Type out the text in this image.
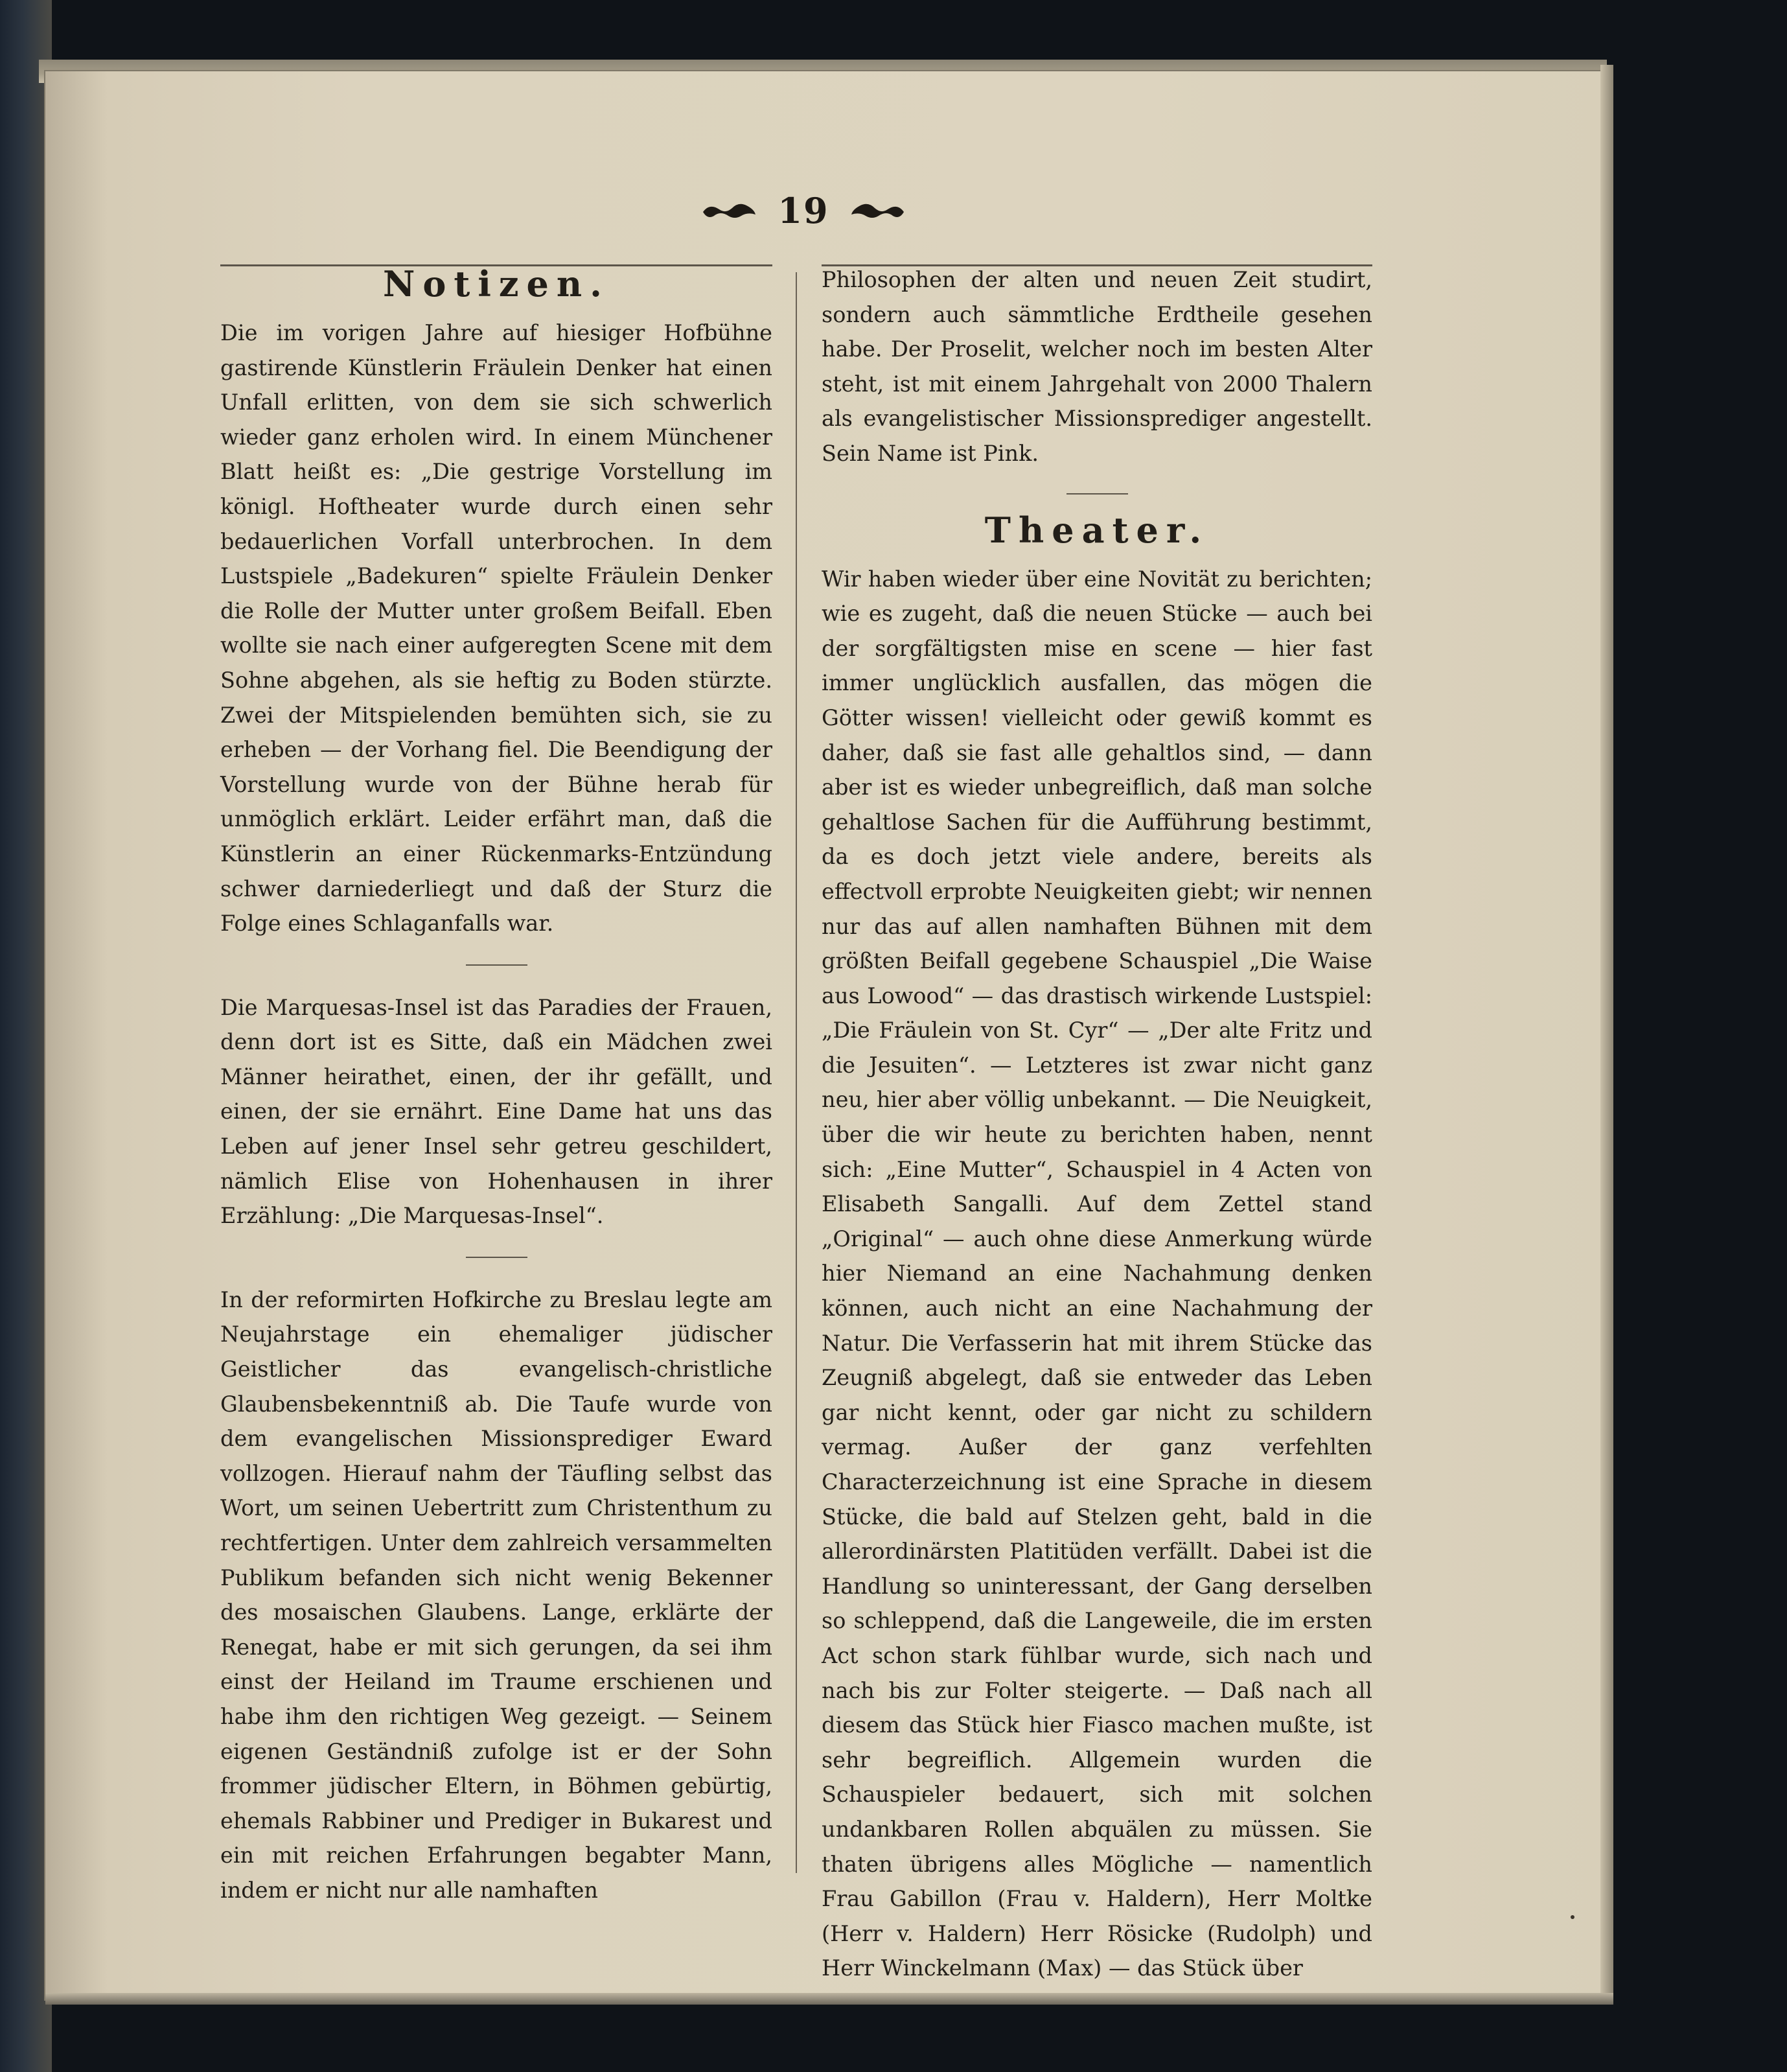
19
Notizen.

Die im vorigen Jahre auf hiesiger Hofbühne gastirende Künstlerin Fräulein Denker hat einen Unfall erlitten, von dem sie sich schwerlich wieder ganz erholen wird. In einem Münchener Blatt heißt es: „Die gestrige Vorstellung im königl. Hoftheater wurde durch einen sehr bedauerlichen Vorfall unterbrochen. In dem Lustspiele „Badekuren“ spielte Fräulein Denker die Rolle der Mutter unter großem Beifall. Eben wollte sie nach einer aufgeregten Scene mit dem Sohne abgehen, als sie heftig zu Boden stürzte. Zwei der Mitspielenden bemühten sich, sie zu erheben — der Vorhang fiel. Die Beendigung der Vorstellung wurde von der Bühne herab für unmöglich erklärt. Leider erfährt man, daß die Künstlerin an einer Rückenmarks-Entzündung schwer darniederliegt und daß der Sturz die Folge eines Schlaganfalls war.

Die Marquesas-Insel ist das Paradies der Frauen, denn dort ist es Sitte, daß ein Mädchen zwei Männer heirathet, einen, der ihr gefällt, und einen, der sie ernährt. Eine Dame hat uns das Leben auf jener Insel sehr getreu geschildert, nämlich Elise von Hohenhausen in ihrer Erzählung: „Die Marquesas-Insel“.

In der reformirten Hofkirche zu Breslau legte am Neujahrstage ein ehemaliger jüdischer Geistlicher das evangelisch-christliche Glaubensbekenntniß ab. Die Taufe wurde von dem evangelischen Missionsprediger Eward vollzogen. Hierauf nahm der Täufling selbst das Wort, um seinen Uebertritt zum Christenthum zu rechtfertigen. Unter dem zahlreich versammelten Publikum befanden sich nicht wenig Bekenner des mosaischen Glaubens. Lange, erklärte der Renegat, habe er mit sich gerungen, da sei ihm einst der Heiland im Traume erschienen und habe ihm den richtigen Weg gezeigt. — Seinem eigenen Geständniß zufolge ist er der Sohn frommer jüdischer Eltern, in Böhmen gebürtig, ehemals Rabbiner und Prediger in Bukarest und ein mit reichen Erfahrungen begabter Mann, indem er nicht nur alle namhaften

Philosophen der alten und neuen Zeit studirt, sondern auch sämmtliche Erdtheile gesehen habe. Der Proselit, welcher noch im besten Alter steht, ist mit einem Jahrgehalt von 2000 Thalern als evangelistischer Missionsprediger angestellt. Sein Name ist Pink.

Theater.

Wir haben wieder über eine Novität zu berichten; wie es zugeht, daß die neuen Stücke — auch bei der sorgfältigsten mise en scene — hier fast immer unglücklich ausfallen, das mögen die Götter wissen! vielleicht oder gewiß kommt es daher, daß sie fast alle gehaltlos sind, — dann aber ist es wieder unbegreiflich, daß man solche gehaltlose Sachen für die Aufführung bestimmt, da es doch jetzt viele andere, bereits als effectvoll erprobte Neuigkeiten giebt; wir nennen nur das auf allen namhaften Bühnen mit dem größten Beifall gegebene Schauspiel „Die Waise aus Lowood“ — das drastisch wirkende Lustspiel: „Die Fräulein von St. Cyr“ — „Der alte Fritz und die Jesuiten“. — Letzteres ist zwar nicht ganz neu, hier aber völlig unbekannt. — Die Neuigkeit, über die wir heute zu berichten haben, nennt sich: „Eine Mutter“, Schauspiel in 4 Acten von Elisabeth Sangalli. Auf dem Zettel stand „Original“ — auch ohne diese Anmerkung würde hier Niemand an eine Nachahmung denken können, auch nicht an eine Nachahmung der Natur. Die Verfasserin hat mit ihrem Stücke das Zeugniß abgelegt, daß sie entweder das Leben gar nicht kennt, oder gar nicht zu schildern vermag. Außer der ganz verfehlten Characterzeichnung ist eine Sprache in diesem Stücke, die bald auf Stelzen geht, bald in die allerordinärsten Platitüden verfällt. Dabei ist die Handlung so uninteressant, der Gang derselben so schleppend, daß die Langeweile, die im ersten Act schon stark fühlbar wurde, sich nach und nach bis zur Folter steigerte. — Daß nach all diesem das Stück hier Fiasco machen mußte, ist sehr begreiflich. Allgemein wurden die Schauspieler bedauert, sich mit solchen undankbaren Rollen abquälen zu müssen. Sie thaten übrigens alles Mögliche — namentlich Frau Gabillon (Frau v. Haldern), Herr Moltke (Herr v. Haldern) Herr Rösicke (Rudolph) und Herr Winckelmann (Max) — das Stück über
